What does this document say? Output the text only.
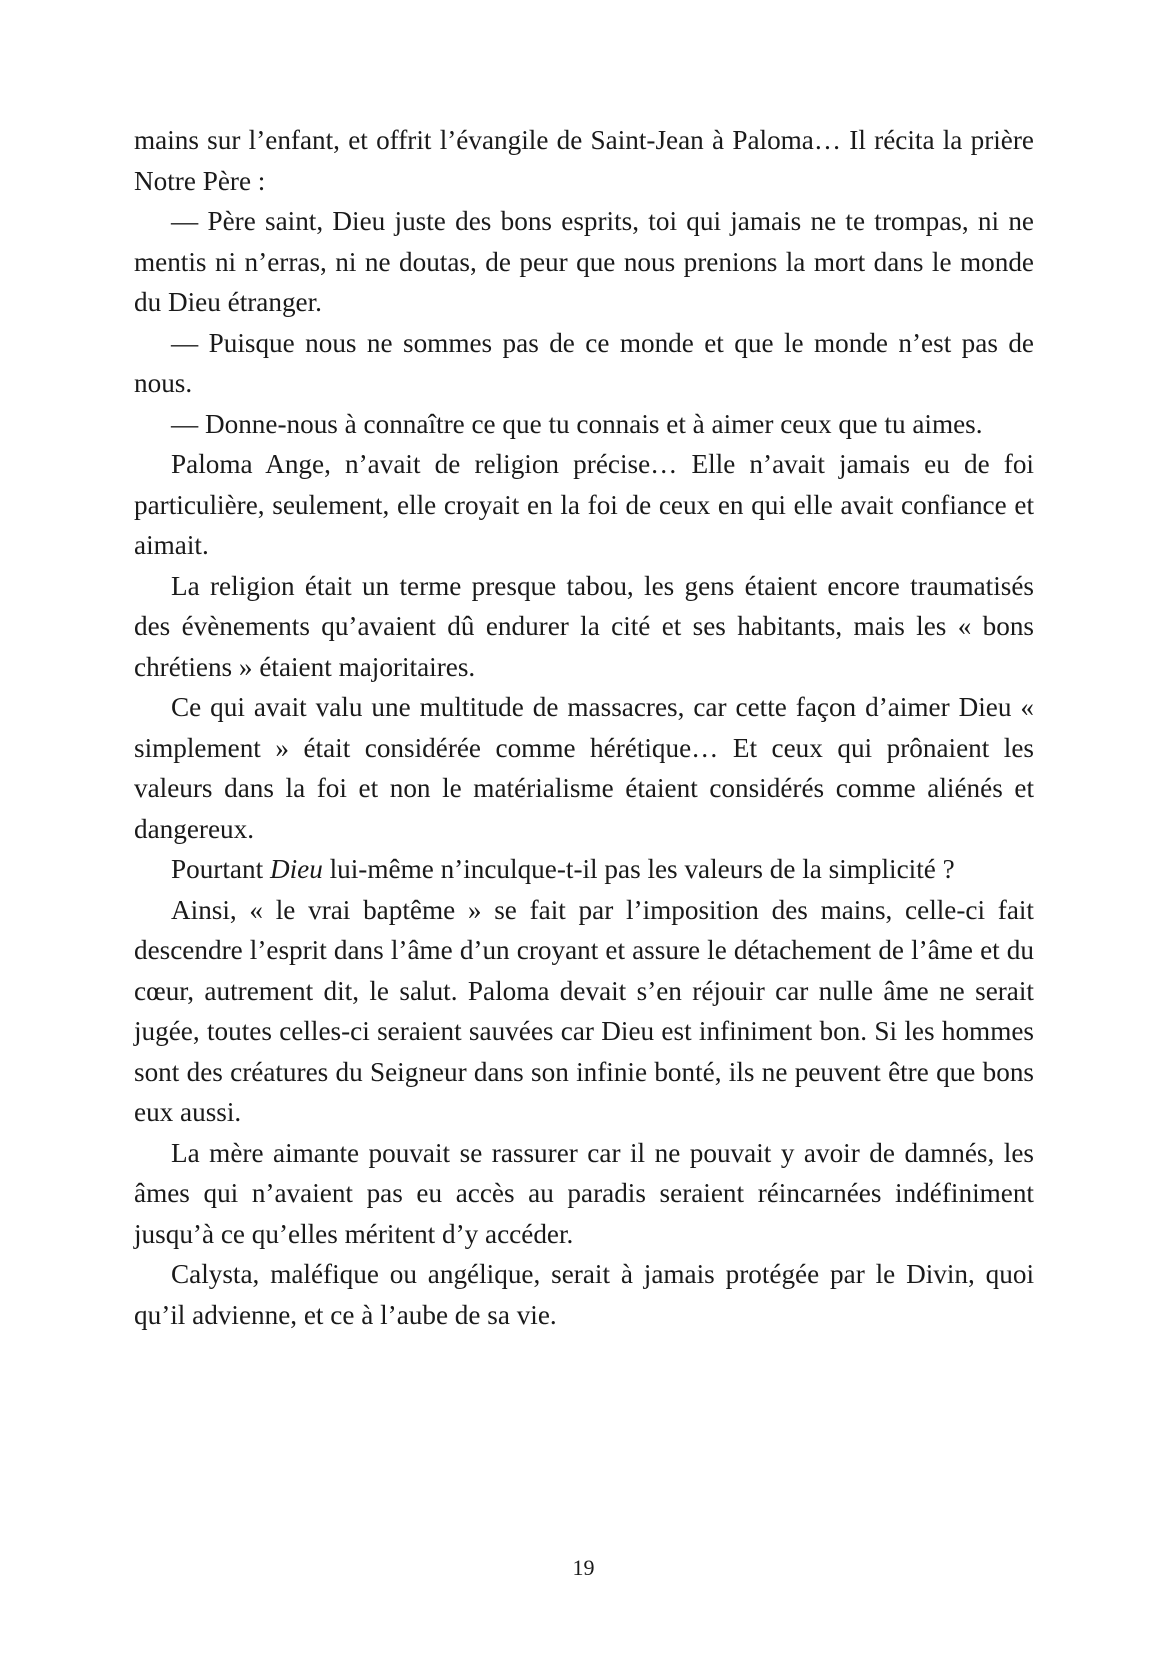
mains sur l’enfant, et offrit l’évangile de Saint-Jean à Paloma… Il récita la prière Notre Père :

— Père saint, Dieu juste des bons esprits, toi qui jamais ne te trompas, ni ne mentis ni n’erras, ni ne doutas, de peur que nous prenions la mort dans le monde du Dieu étranger.

— Puisque nous ne sommes pas de ce monde et que le monde n’est pas de nous.

— Donne-nous à connaître ce que tu connais et à aimer ceux que tu aimes.

Paloma Ange, n’avait de religion précise… Elle n’avait jamais eu de foi particulière, seulement, elle croyait en la foi de ceux en qui elle avait confiance et aimait.

La religion était un terme presque tabou, les gens étaient encore traumatisés des évènements qu’avaient dû endurer la cité et ses habitants, mais les « bons chrétiens » étaient majoritaires.

Ce qui avait valu une multitude de massacres, car cette façon d’aimer Dieu « simplement » était considérée comme hérétique… Et ceux qui prônaient les valeurs dans la foi et non le matérialisme étaient considérés comme aliénés et dangereux.

Pourtant Dieu lui-même n’inculque-t-il pas les valeurs de la simplicité ?

Ainsi, « le vrai baptême » se fait par l’imposition des mains, celle-ci fait descendre l’esprit dans l’âme d’un croyant et assure le détachement de l’âme et du cœur, autrement dit, le salut. Paloma devait s’en réjouir car nulle âme ne serait jugée, toutes celles-ci seraient sauvées car Dieu est infiniment bon. Si les hommes sont des créatures du Seigneur dans son infinie bonté, ils ne peuvent être que bons eux aussi.

La mère aimante pouvait se rassurer car il ne pouvait y avoir de damnés, les âmes qui n’avaient pas eu accès au paradis seraient réincarnées indéfiniment jusqu’à ce qu’elles méritent d’y accéder.

Calysta, maléfique ou angélique, serait à jamais protégée par le Divin, quoi qu’il advienne, et ce à l’aube de sa vie.

19
